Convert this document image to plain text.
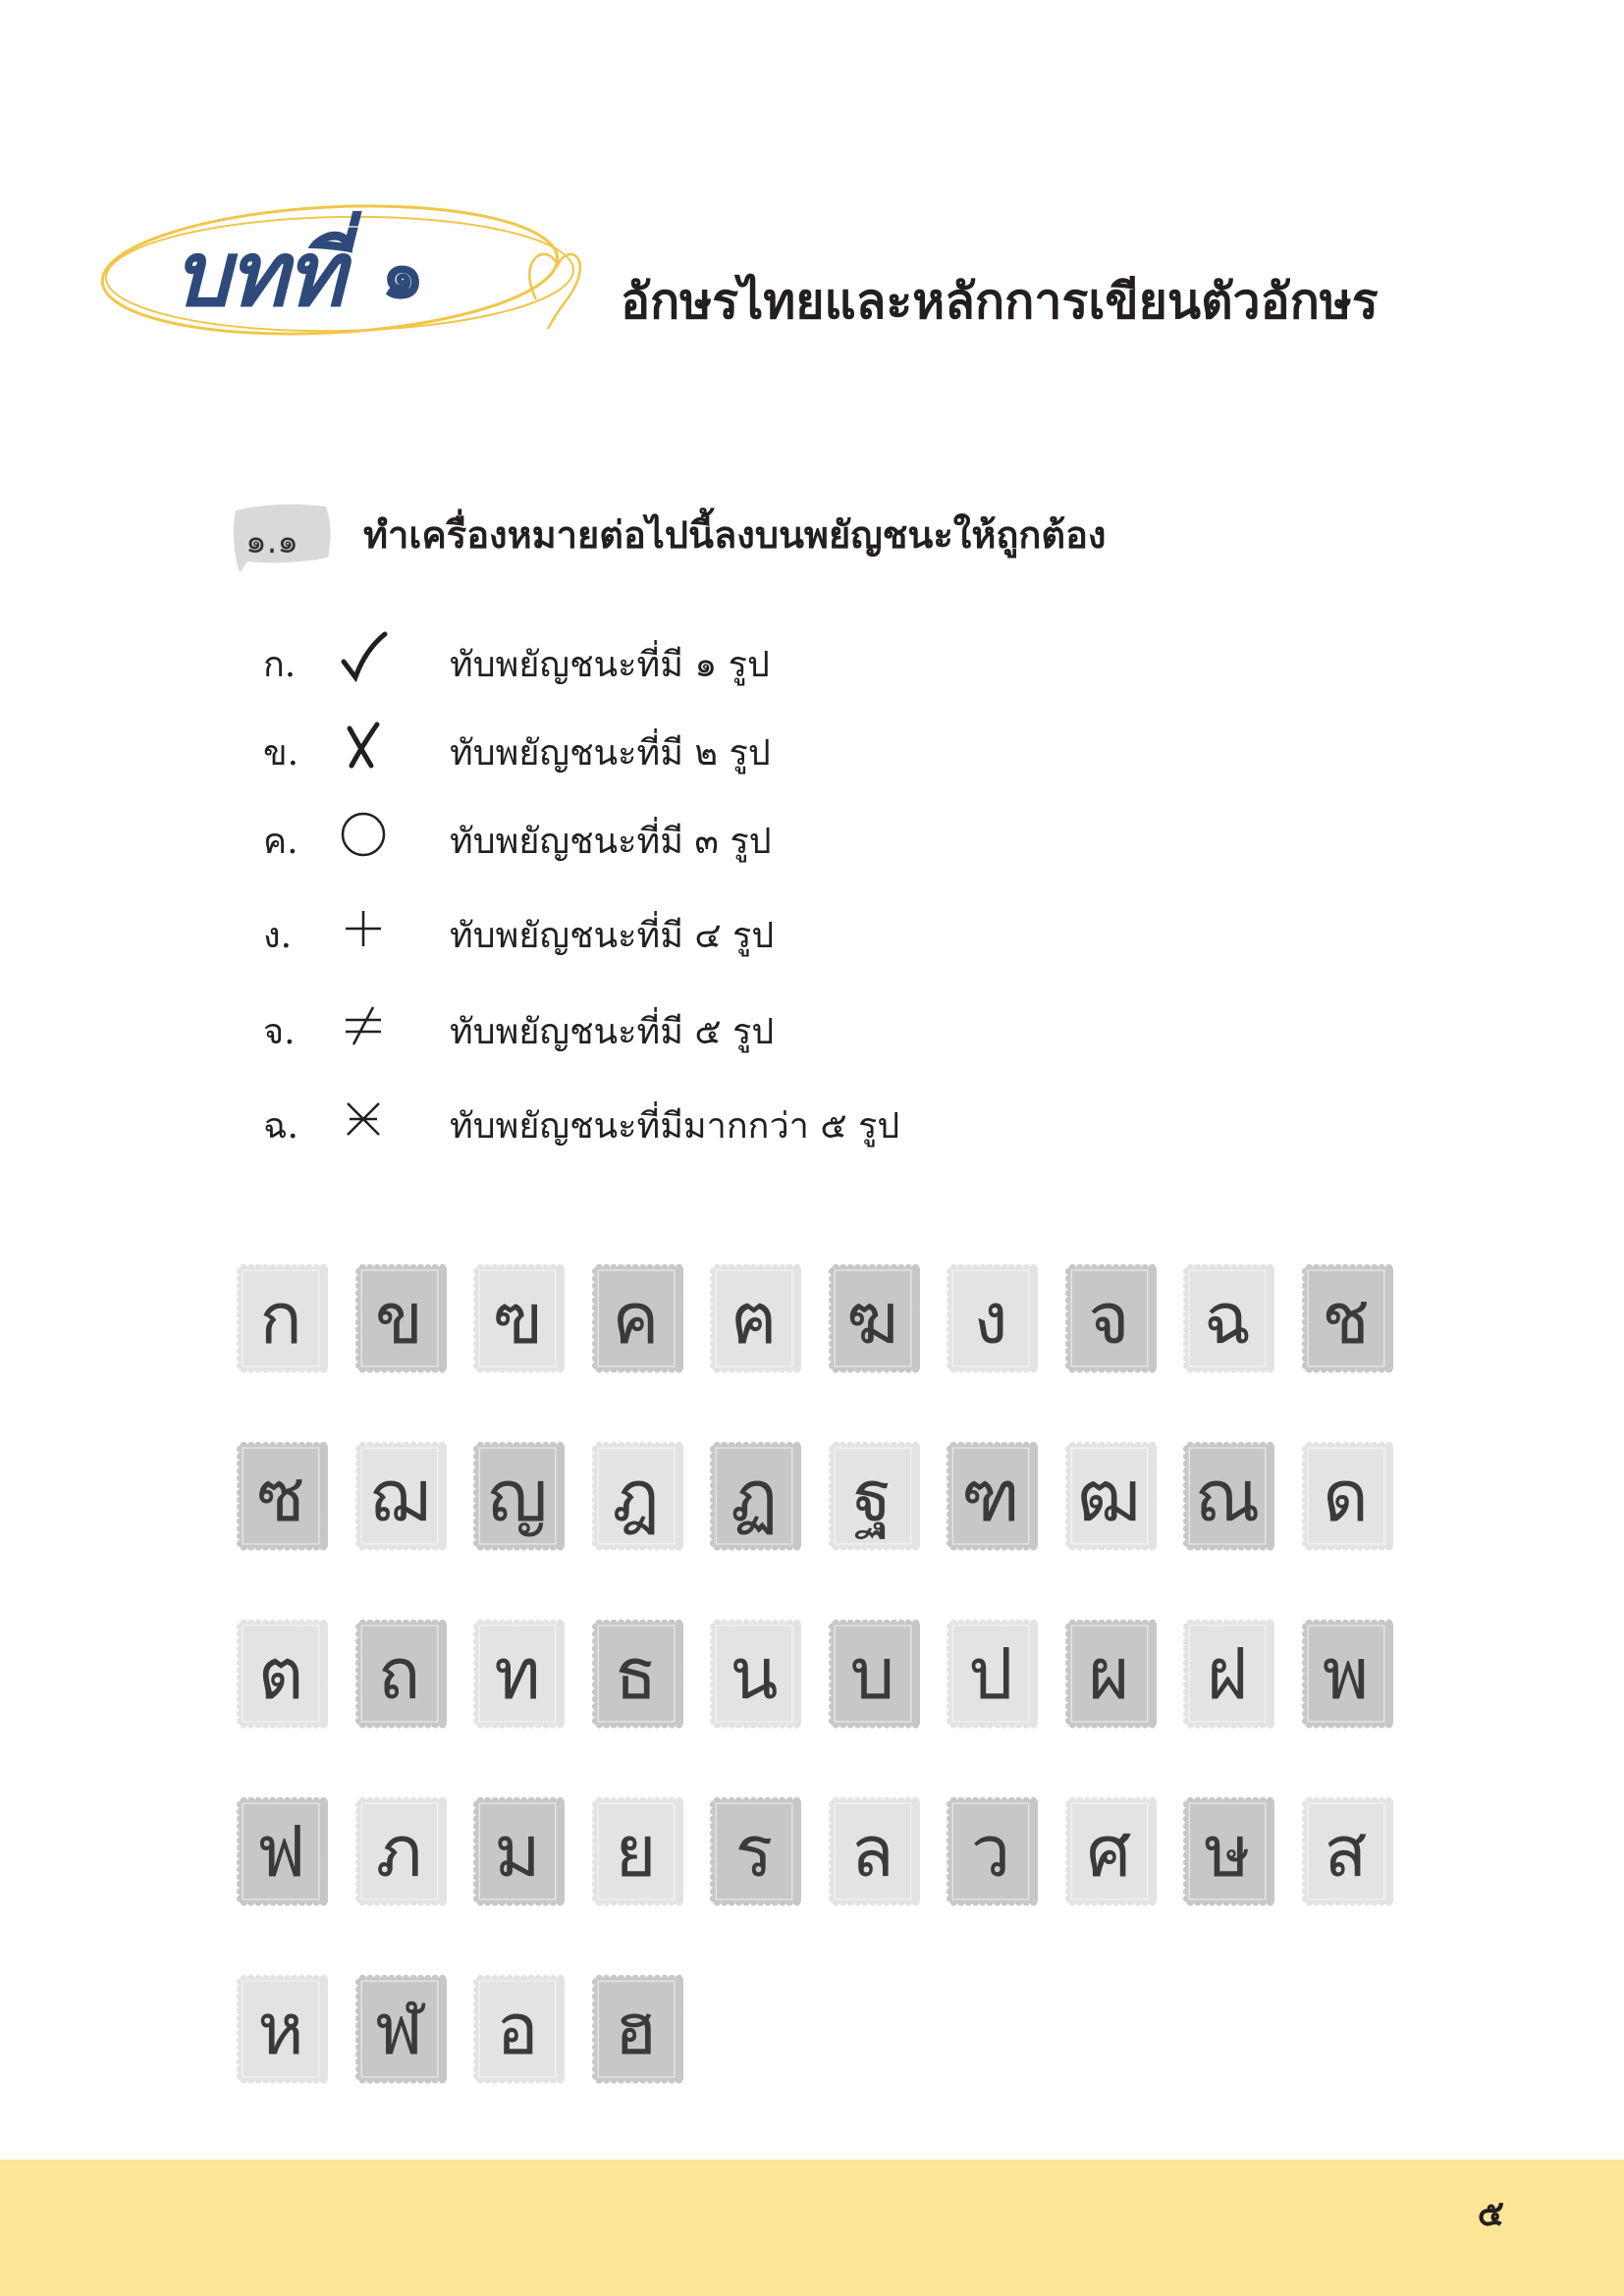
บทที่ ๑	อักษรไทยและหลักการเขียนตัวอักษร
๑.๑ ทำเครื่องหมายต่อไปนี้ลงบนพยัญชนะให้ถูกต้อง
ก.	ทับพยัญชนะที่มี ๑ รูป
ข.	ทับพยัญชนะที่มี ๒ รูป
ค.	ทับพยัญชนะที่มี ๓ รูป
ง.	ทับพยัญชนะที่มี ๔ รูป
จ.	ทับพยัญชนะที่มี ๕ รูป
ฉ.	ทับพยัญชนะที่มีมากกว่า ๕ รูป
ก ข ฃ ค ฅ ฆ ง จ ฉ ช
ซ ฌ ญ ฎ ฏ ฐ ฑ ฒ ณ ด
ต ถ ท ธ น บ ป ผ ฝ พ
ฟ ภ ม ย ร ล ว ศ ษ ส
ห ฬ อ ฮ
๕
